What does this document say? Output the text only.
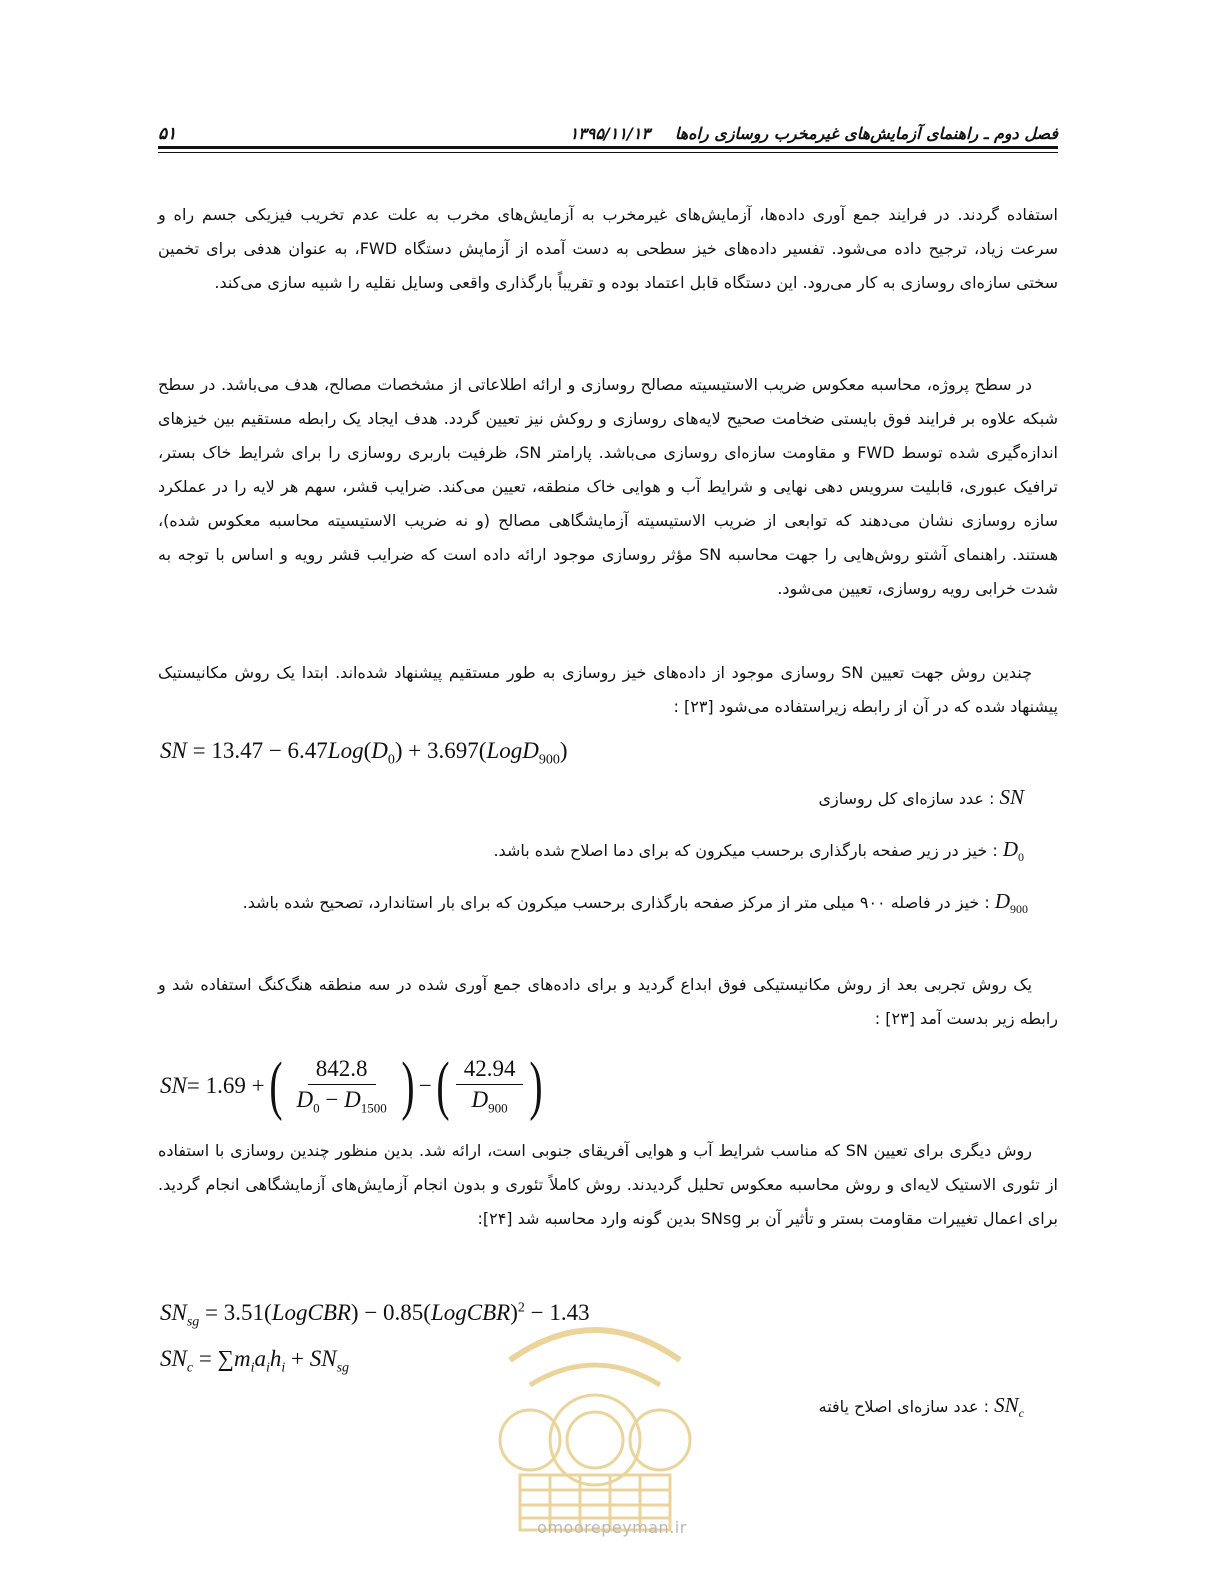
۵۱	۱۳۹۵/۱۱/۱۳ فصل دوم ـ راهنمای آزمایش‌های غیرمخرب روسازی راه‌ها
استفاده گردند. در فرایند جمع آوری داده‌ها، آزمایش‌های غیرمخرب به آزمایش‌های مخرب به علت عدم تخریب فیزیکی جسم راه و سرعت زیاد، ترجیح داده می‌شود. تفسیر داده‌های خیز سطحی به دست آمده از آزمایش دستگاه FWD، به عنوان هدفی برای تخمین سختی سازه‌ای روسازی به کار می‌رود. این دستگاه قابل اعتماد بوده و تقریباً بارگذاری واقعی وسایل نقلیه را شبیه سازی می‌کند.
در سطح پروژه، محاسبه معکوس ضریب الاستیسیته مصالح روسازی و ارائه اطلاعاتی از مشخصات مصالح، هدف می‌باشد. در سطح شبکه علاوه بر فرایند فوق بایستی ضخامت صحیح لایه‌های روسازی و روکش نیز تعیین گردد. هدف ایجاد یک رابطه مستقیم بین خیزهای اندازه‌گیری شده توسط FWD و مقاومت سازه‌ای روسازی می‌باشد. پارامتر SN، ظرفیت باربری روسازی را برای شرایط خاک بستر، ترافیک عبوری، قابلیت سرویس دهی نهایی و شرایط آب و هوایی خاک منطقه، تعیین می‌کند. ضرایب قشر، سهم هر لایه را در عملکرد سازه روسازی نشان می‌دهند که توابعی از ضریب الاستیسیته آزمایشگاهی مصالح (و نه ضریب الاستیسیته محاسبه معکوس شده)، هستند. راهنمای آشتو روش‌هایی را جهت محاسبه SN مؤثر روسازی موجود ارائه داده است که ضرایب قشر رویه و اساس با توجه به شدت خرابی رویه روسازی، تعیین می‌شود.
چندین روش جهت تعیین SN روسازی موجود از داده‌های خیز روسازی به طور مستقیم پیشنهاد شده‌اند. ابتدا یک روش مکانیستیک پیشنهاد شده که در آن از رابطه زیراستفاده می‌شود [۲۳] :
SN = $13.47 - 6.47Log(D_0)$ + 3.697(LogD$_{900}$)
SN : عدد سازه‌ای کل روسازی
$D_0$ : خیز در زیر صفحه بارگذاری برحسب میکرون که برای دما اصلاح شده باشد.
$D_{900}$ : خیز در فاصله ۹۰۰ میلی متر از مرکز صفحه بارگذاری برحسب میکرون که برای بار استاندارد، تصحیح شده باشد.
یک روش تجربی بعد از روش مکانیستیکی فوق ابداع گردید و برای داده‌های جمع آوری شده در سه منطقه هنگ‌کنگ استفاده شد و رابطه زیر بدست آمد [۲۳] :
SN = 1.69 + ( $\frac{842.8}{D_0 - D_{1500}}$ ) − ( $\frac{42.94}{D_{900}}$ )
روش دیگری برای تعیین SN که مناسب شرایط آب و هوایی آفریقای جنوبی است، ارائه شد. بدین منظور چندین روسازی با استفاده از تئوری الاستیک لایه‌ای و روش محاسبه معکوس تحلیل گردیدند. روش کاملاً تئوری و بدون انجام آزمایش‌های آزمایشگاهی انجام گردید. برای اعمال تغییرات مقاومت بستر و تأثیر آن بر SNsg بدین گونه وارد محاسبه شد [۲۴]:
$SN_{sg}$ = 3.51(LogCBR) − 0.85(LogCBR)$^2$ − 1.43
$SN_c = \sum m_ia_ih_i + SN_{sg}$
$SN_c$ : عدد سازه‌ای اصلاح یافته
omoorepeyman.ir
